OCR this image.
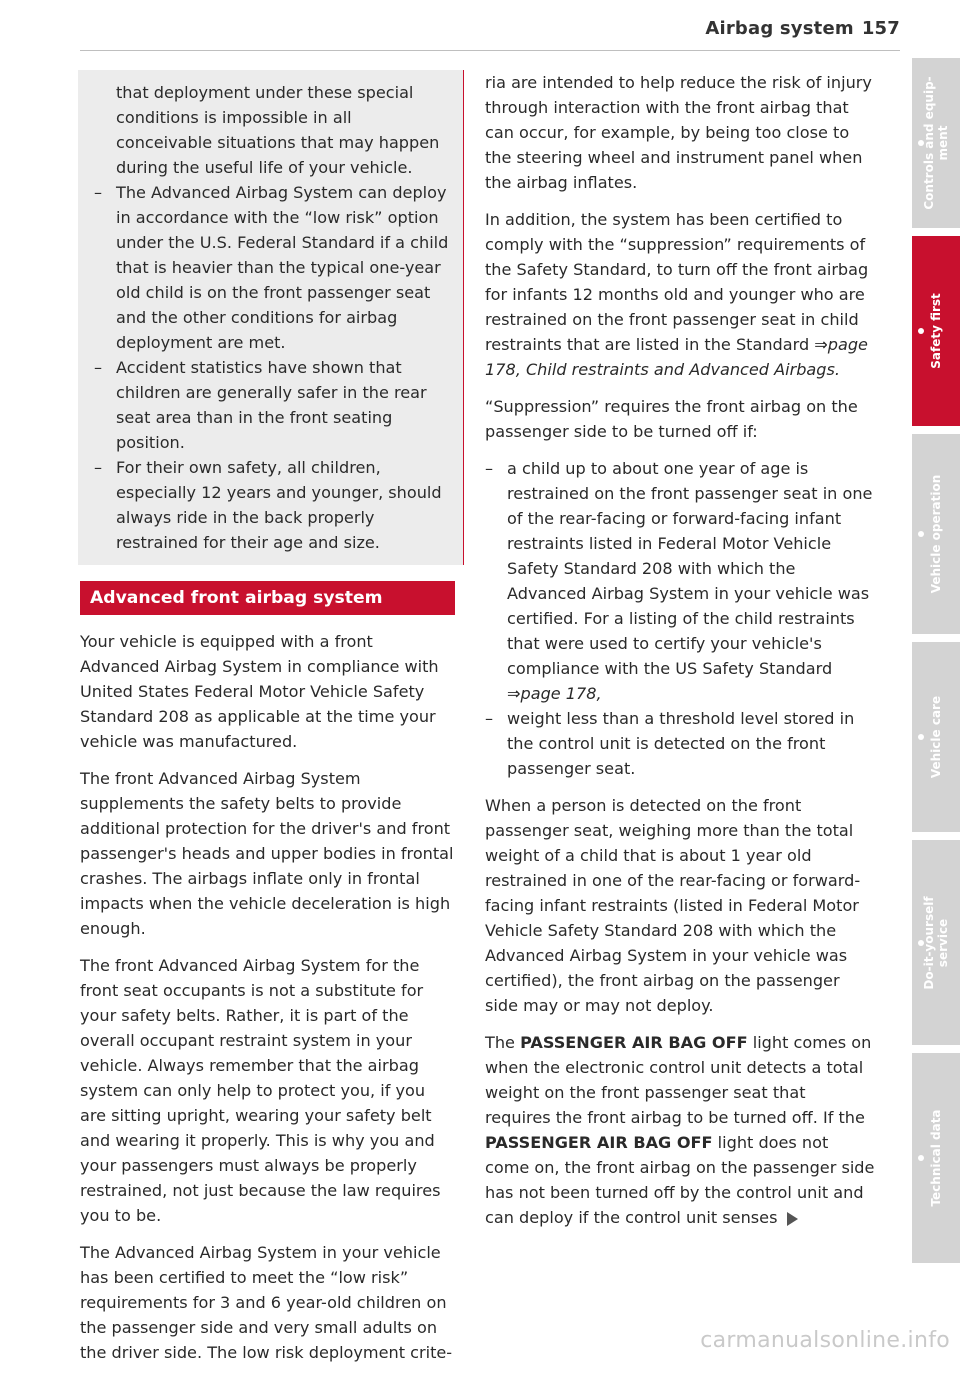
Airbag system 157

that deployment under these special conditions is impossible in all conceivable situations that may happen during the useful life of your vehicle.

– The Advanced Airbag System can deploy in accordance with the “low risk” option under the U.S. Federal Standard if a child that is heavier than the typical one-year old child is on the front passenger seat and the other conditions for airbag deployment are met.

– Accident statistics have shown that children are generally safer in the rear seat area than in the front seating position.

– For their own safety, all children, especially 12 years and younger, should always ride in the back properly restrained for their age and size.

Advanced front airbag system

Your vehicle is equipped with a front Advanced Airbag System in compliance with United States Federal Motor Vehicle Safety Standard 208 as applicable at the time your vehicle was manufactured.

The front Advanced Airbag System supplements the safety belts to provide additional protection for the driver's and front passenger's heads and upper bodies in frontal crashes. The airbags inflate only in frontal impacts when the vehicle deceleration is high enough.

The front Advanced Airbag System for the front seat occupants is not a substitute for your safety belts. Rather, it is part of the overall occupant restraint system in your vehicle. Always remember that the airbag system can only help to protect you, if you are sitting upright, wearing your safety belt and wearing it properly. This is why you and your passengers must always be properly restrained, not just because the law requires you to be.

The Advanced Airbag System in your vehicle has been certified to meet the “low risk” requirements for 3 and 6 year-old children on the passenger side and very small adults on the driver side. The low risk deployment crite-

ria are intended to help reduce the risk of injury through interaction with the front airbag that can occur, for example, by being too close to the steering wheel and instrument panel when the airbag inflates.

In addition, the system has been certified to comply with the “suppression” requirements of the Safety Standard, to turn off the front airbag for infants 12 months old and younger who are restrained on the front passenger seat in child restraints that are listed in the Standard ⇒page 178, Child restraints and Advanced Airbags.

“Suppression” requires the front airbag on the passenger side to be turned off if:

– a child up to about one year of age is restrained on the front passenger seat in one of the rear-facing or forward-facing infant restraints listed in Federal Motor Vehicle Safety Standard 208 with which the Advanced Airbag System in your vehicle was certified. For a listing of the child restraints that were used to certify your vehicle's compliance with the US Safety Standard ⇒page 178,

– weight less than a threshold level stored in the control unit is detected on the front passenger seat.

When a person is detected on the front passenger seat, weighing more than the total weight of a child that is about 1 year old restrained in one of the rear-facing or forward-facing infant restraints (listed in Federal Motor Vehicle Safety Standard 208 with which the Advanced Airbag System in your vehicle was certified), the front airbag on the passenger side may or may not deploy.

The PASSENGER AIR BAG OFF light comes on when the electronic control unit detects a total weight on the front passenger seat that requires the front airbag to be turned off. If the PASSENGER AIR BAG OFF light does not come on, the front airbag on the passenger side has not been turned off by the control unit and can deploy if the control unit senses

Controls and equip-
ment
Safety first
Vehicle operation
Vehicle care
Do-it-yourself
service
Technical data
carmanualsonline.info
